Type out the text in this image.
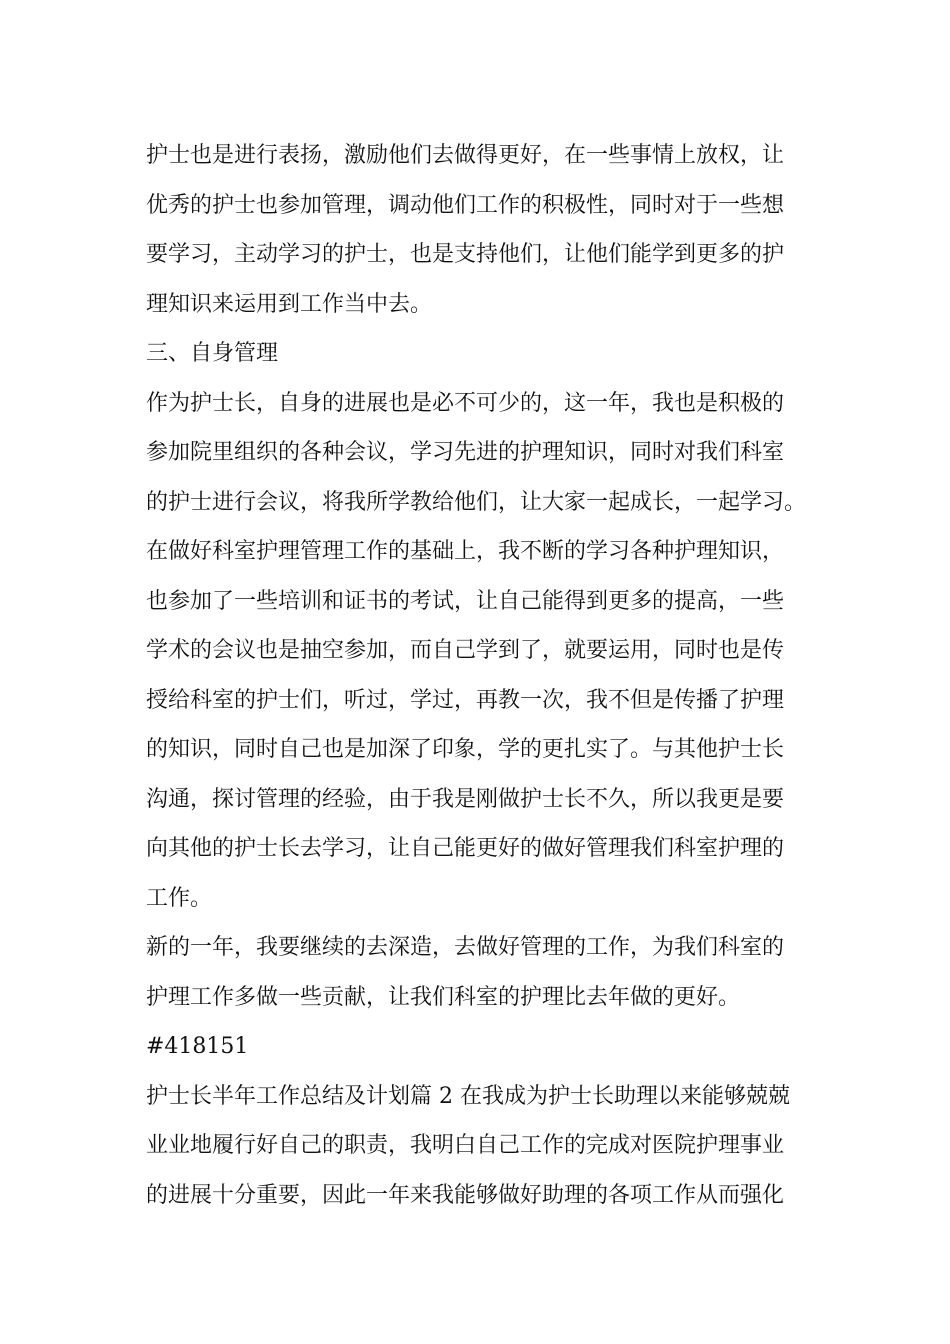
护士也是进行表扬，激励他们去做得更好，在一些事情上放权，让
优秀的护士也参加管理，调动他们工作的积极性，同时对于一些想
要学习，主动学习的护士，也是支持他们，让他们能学到更多的护
理知识来运用到工作当中去。
三、自身管理
作为护士长，自身的进展也是必不可少的，这一年，我也是积极的
参加院里组织的各种会议，学习先进的护理知识，同时对我们科室
的护士进行会议，将我所学教给他们，让大家一起成长，一起学习。
在做好科室护理管理工作的基础上，我不断的学习各种护理知识，
也参加了一些培训和证书的考试，让自己能得到更多的提高，一些
学术的会议也是抽空参加，而自己学到了，就要运用，同时也是传
授给科室的护士们，听过，学过，再教一次，我不但是传播了护理
的知识，同时自己也是加深了印象，学的更扎实了。与其他护士长
沟通，探讨管理的经验，由于我是刚做护士长不久，所以我更是要
向其他的护士长去学习，让自己能更好的做好管理我们科室护理的
工作。
新的一年，我要继续的去深造，去做好管理的工作，为我们科室的
护理工作多做一些贡献，让我们科室的护理比去年做的更好。
#418151
护士长半年工作总结及计划篇 2 在我成为护士长助理以来能够兢兢
业业地履行好自己的职责，我明白自己工作的完成对医院护理事业
的进展十分重要，因此一年来我能够做好助理的各项工作从而强化
